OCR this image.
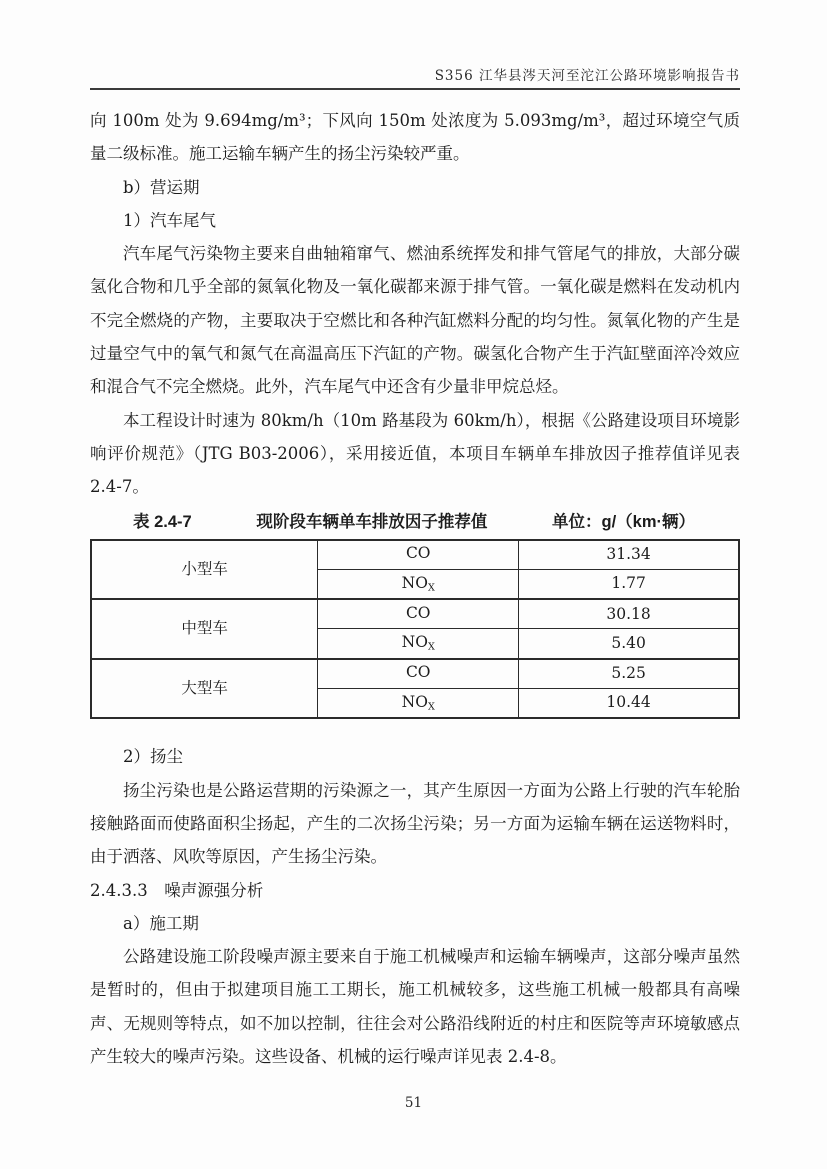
S356 江华县涔天河至沱江公路环境影响报告书

向 100m 处为 9.694mg/m³；下风向 150m 处浓度为 5.093mg/m³，超过环境空气质量二级标准。施工运输车辆产生的扬尘污染较严重。

b）营运期

1）汽车尾气

汽车尾气污染物主要来自曲轴箱窜气、燃油系统挥发和排气管尾气的排放，大部分碳氢化合物和几乎全部的氮氧化物及一氧化碳都来源于排气管。一氧化碳是燃料在发动机内不完全燃烧的产物，主要取决于空燃比和各种汽缸燃料分配的均匀性。氮氧化物的产生是过量空气中的氧气和氮气在高温高压下汽缸的产物。碳氢化合物产生于汽缸壁面淬冷效应和混合气不完全燃烧。此外，汽车尾气中还含有少量非甲烷总烃。

本工程设计时速为 80km/h（10m 路基段为 60km/h），根据《公路建设项目环境影响评价规范》（JTG B03-2006），采用接近值，本项目车辆单车排放因子推荐值详见表 2.4-7。

表 2.4-7	现阶段车辆单车排放因子推荐值	单位：g/（km·辆）
小型车	CO	31.34
	NOX	1.77
中型车	CO	30.18
	NOX	5.40
大型车	CO	5.25
	NOX	10.44

2）扬尘

扬尘污染也是公路运营期的污染源之一，其产生原因一方面为公路上行驶的汽车轮胎接触路面而使路面积尘扬起，产生的二次扬尘污染；另一方面为运输车辆在运送物料时，由于洒落、风吹等原因，产生扬尘污染。

2.4.3.3　噪声源强分析

a）施工期

公路建设施工阶段噪声源主要来自于施工机械噪声和运输车辆噪声，这部分噪声虽然是暂时的，但由于拟建项目施工工期长，施工机械较多，这些施工机械一般都具有高噪声、无规则等特点，如不加以控制，往往会对公路沿线附近的村庄和医院等声环境敏感点产生较大的噪声污染。这些设备、机械的运行噪声详见表 2.4-8。

51
